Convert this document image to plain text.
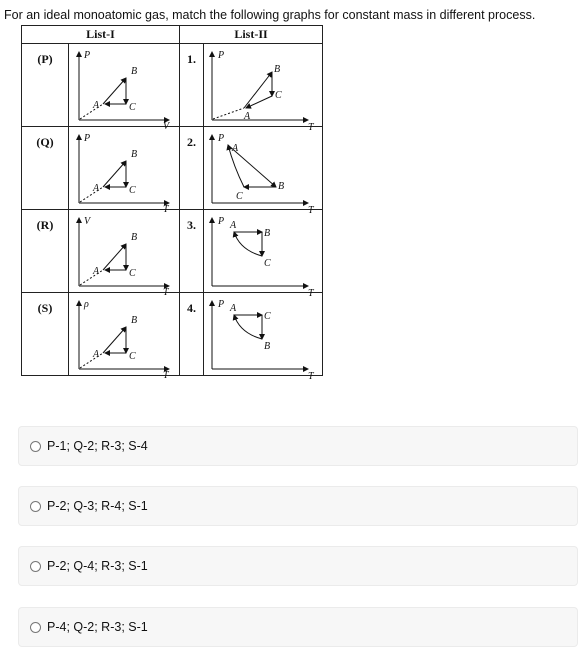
For an ideal monoatomic gas, match the following graphs for constant mass in different process.
List-I		List-II	

(P)	P
V
A
B
C	1.	P
T
A
B
C

(Q)	P
T
A
B
C	2.	P
T
A
B
C

(R)	V
T
A
B
C	3.	P
T
A
B
C

(S)	ρ
T
A
B
C	4.	P
T
A
C
B
P-1; Q-2; R-3; S-4
P-2; Q-3; R-4; S-1
P-2; Q-4; R-3; S-1
P-4; Q-2; R-3; S-1
